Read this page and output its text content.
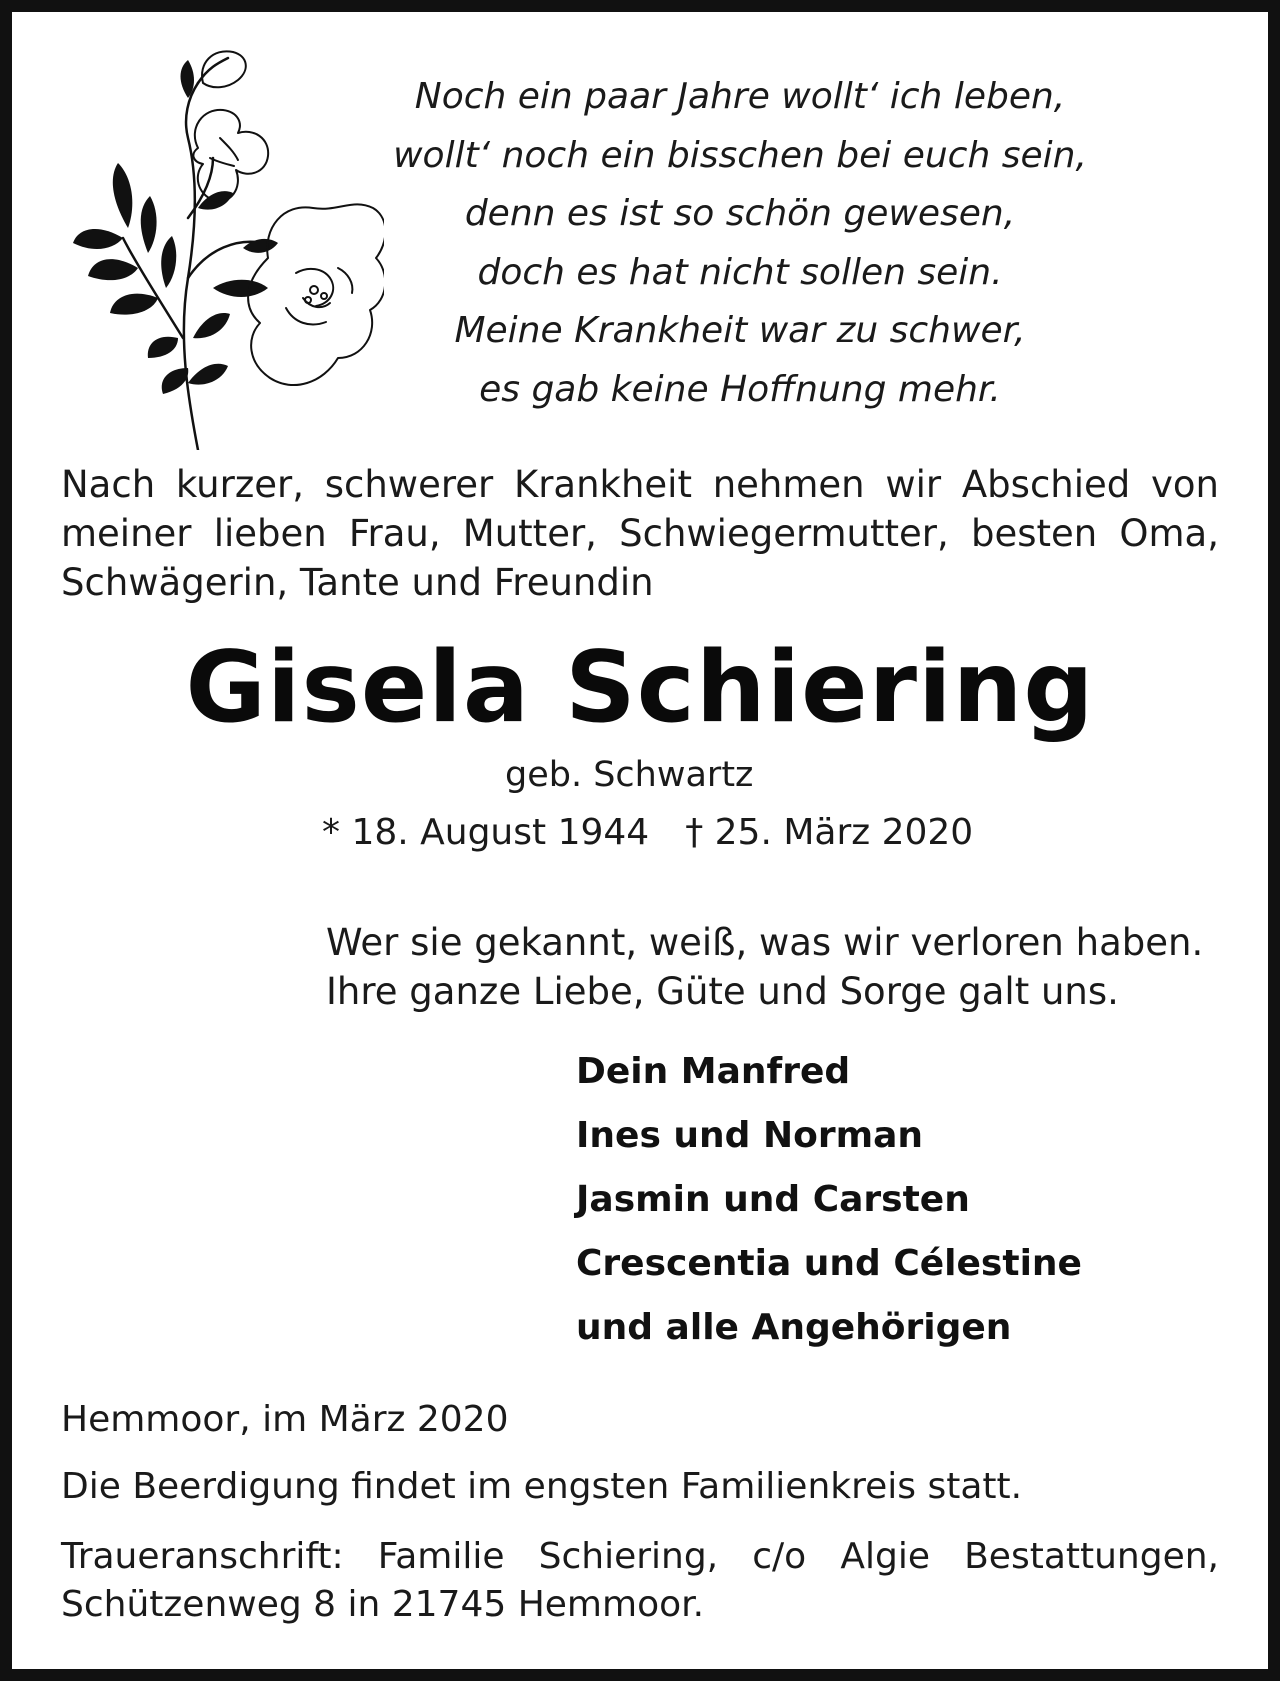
Noch ein paar Jahre wollt‘ ich leben,
wollt‘ noch ein bisschen bei euch sein,
denn es ist so schön gewesen,
doch es hat nicht sollen sein.
Meine Krankheit war zu schwer,
es gab keine Hoffnung mehr.
Nach kurzer, schwerer Krankheit nehmen wir Abschied von
meiner lieben Frau, Mutter, Schwiegermutter, besten Oma,
Schwägerin, Tante und Freundin
Gisela Schiering
geb. Schwartz
* 18. August 1944 † 25. März 2020
Wer sie gekannt, weiß, was wir verloren haben.
Ihre ganze Liebe, Güte und Sorge galt uns.
Dein Manfred
Ines und Norman
Jasmin und Carsten
Crescentia und Célestine
und alle Angehörigen
Hemmoor, im März 2020
Die Beerdigung findet im engsten Familienkreis statt.
Traueranschrift: Familie Schiering, c/o Algie Bestattungen,
Schützenweg 8 in 21745 Hemmoor.
